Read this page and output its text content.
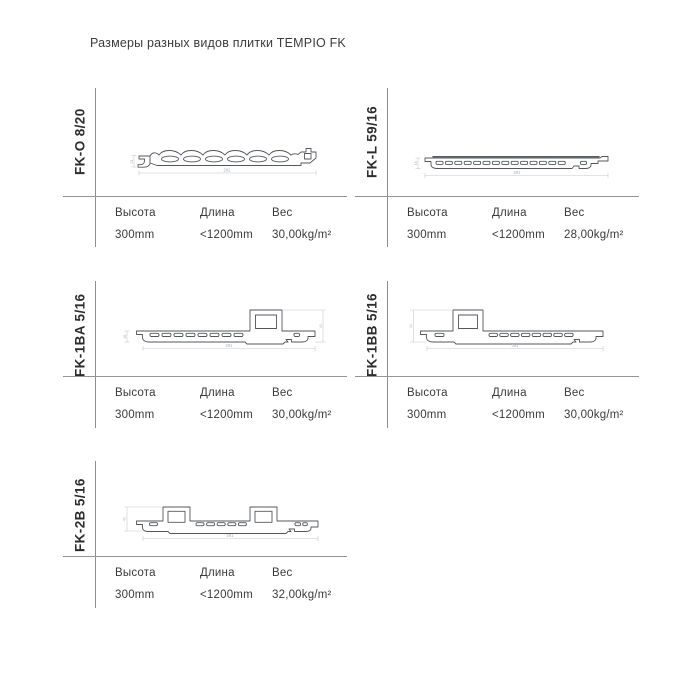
Размеры разных видов плитки TEMPIO FK
FK-O 8/20	292
21
Высота	Длина	Вес
300mm	<1200mm	30,00kg/m²
FK-L 59/16	291
16
Высота	Длина	Вес
300mm	<1200mm	28,00kg/m²
FK-1BA 5/16	41
16
291
Высота	Длина	Вес
300mm	<1200mm	30,00kg/m²
FK-1BB 5/16	41
291
Высота	Длина	Вес
300mm	<1200mm	30,00kg/m²
FK-2B 5/16	41
291
Высота	Длина	Вес
300mm	<1200mm	32,00kg/m²
